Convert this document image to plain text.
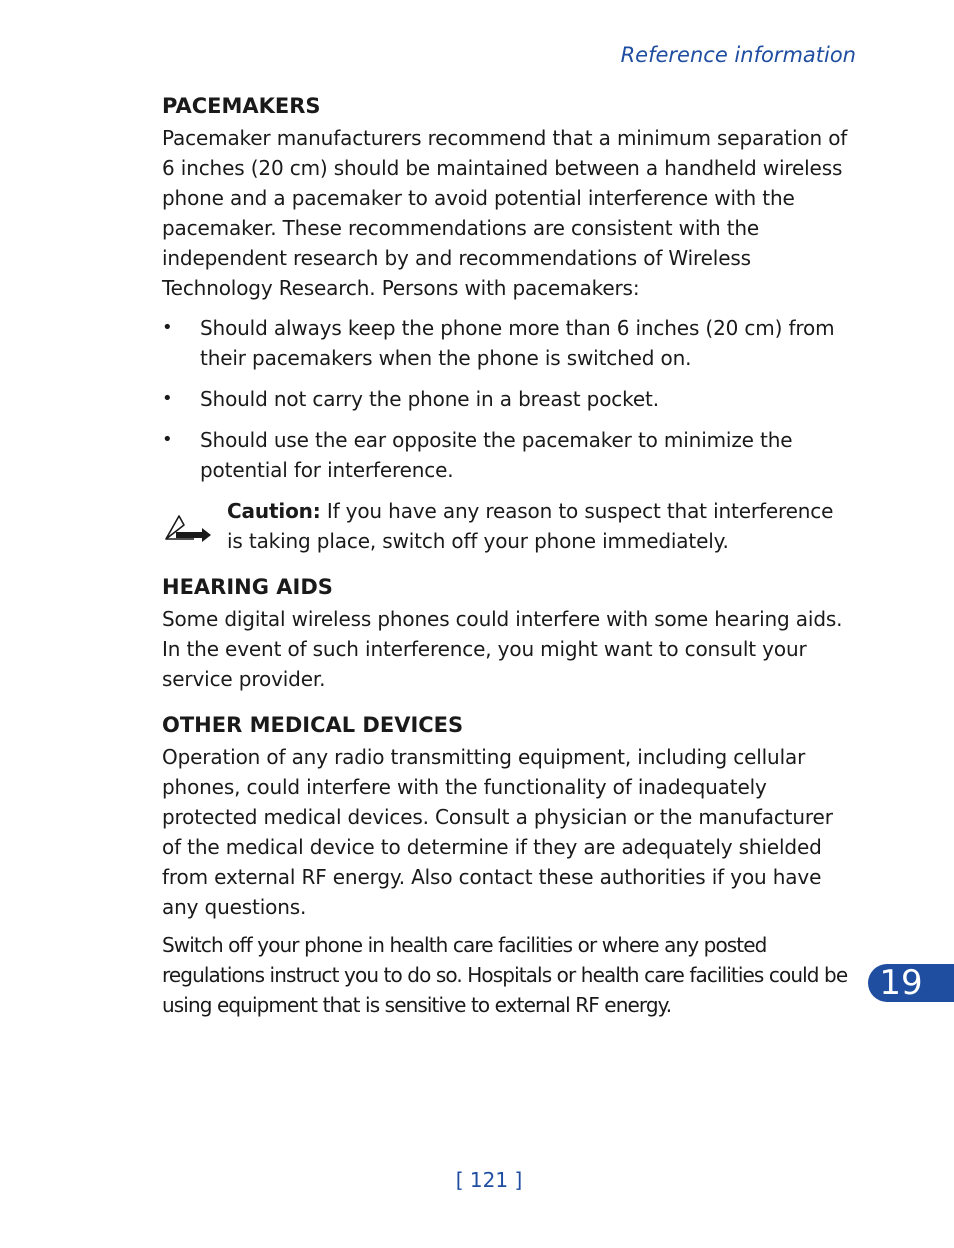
Reference information
PACEMAKERS

Pacemaker manufacturers recommend that a minimum separation of 6 inches (20 cm) should be maintained between a handheld wireless phone and a pacemaker to avoid potential interference with the pacemaker. These recommendations are consistent with the independent research by and recommendations of Wireless Technology Research. Persons with pacemakers:

• Should always keep the phone more than 6 inches (20 cm) from their pacemakers when the phone is switched on.
• Should not carry the phone in a breast pocket.
• Should use the ear opposite the pacemaker to minimize the potential for interference.

Caution: If you have any reason to suspect that interference is taking place, switch off your phone immediately.

HEARING AIDS

Some digital wireless phones could interfere with some hearing aids. In the event of such interference, you might want to consult your service provider.

OTHER MEDICAL DEVICES

Operation of any radio transmitting equipment, including cellular phones, could interfere with the functionality of inadequately protected medical devices. Consult a physician or the manufacturer of the medical device to determine if they are adequately shielded from external RF energy. Also contact these authorities if you have any questions.

Switch off your phone in health care facilities or where any posted regulations instruct you to do so. Hospitals or health care facilities could be using equipment that is sensitive to external RF energy.

19
[ 121 ]
